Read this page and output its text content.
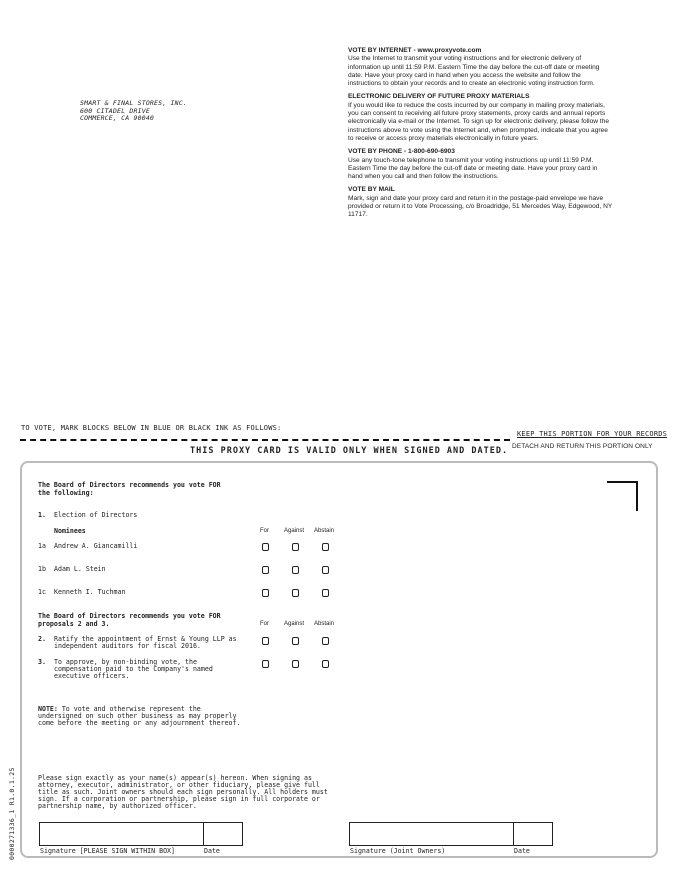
SMART & FINAL STORES, INC.
600 CITADEL DRIVE
COMMERCE, CA 90040
VOTE BY INTERNET - www.proxyvote.com
Use the Internet to transmit your voting instructions and for electronic delivery of information up until 11:59 P.M. Eastern Time the day before the cut-off date or meeting date. Have your proxy card in hand when you access the website and follow the instructions to obtain your records and to create an electronic voting instruction form.
ELECTRONIC DELIVERY OF FUTURE PROXY MATERIALS
If you would like to reduce the costs incurred by our company in mailing proxy materials, you can consent to receiving all future proxy statements, proxy cards and annual reports electronically via e-mail or the Internet. To sign up for electronic delivery, please follow the instructions above to vote using the Internet and, when prompted, indicate that you agree to receive or access proxy materials electronically in future years.
VOTE BY PHONE - 1-800-690-6903
Use any touch-tone telephone to transmit your voting instructions up until 11:59 P.M. Eastern Time the day before the cut-off date or meeting date. Have your proxy card in hand when you call and then follow the instructions.
VOTE BY MAIL
Mark, sign and date your proxy card and return it in the postage-paid envelope we have provided or return it to Vote Processing, c/o Broadridge, 51 Mercedes Way, Edgewood, NY 11717.
TO VOTE, MARK BLOCKS BELOW IN BLUE OR BLACK INK AS FOLLOWS:
KEEP THIS PORTION FOR YOUR RECORDS
THIS PROXY CARD IS VALID ONLY WHEN SIGNED AND DATED. DETACH AND RETURN THIS PORTION ONLY
The Board of Directors recommends you vote FOR
the following:
1. Election of Directors
Nominees	For	Against Abstain
1a Andrew A. Giancamilli
1b Adam L. Stein
1c Kenneth I. Tuchman
The Board of Directors recommends you vote FOR
proposals 2 and 3.	For	Against Abstain
2. Ratify the appointment of Ernst & Young LLP as
independent auditors for fiscal 2016.
3. To approve, by non-binding vote, the
compensation paid to the Company's named
executive officers.
NOTE: To vote and otherwise represent the
undersigned on such other business as may properly
come before the meeting or any adjournment thereof.
Please sign exactly as your name(s) appear(s) hereon. When signing as
attorney, executor, administrator, or other fiduciary, please give full
title as such. Joint owners should each sign personally. All holders must
sign. If a corporation or partnership, please sign in full corporate or
partnership name, by authorized officer.
Signature [PLEASE SIGN WITHIN BOX]	Date	Signature (Joint Owners)	Date
0000271336_1 R1.0.1.25
